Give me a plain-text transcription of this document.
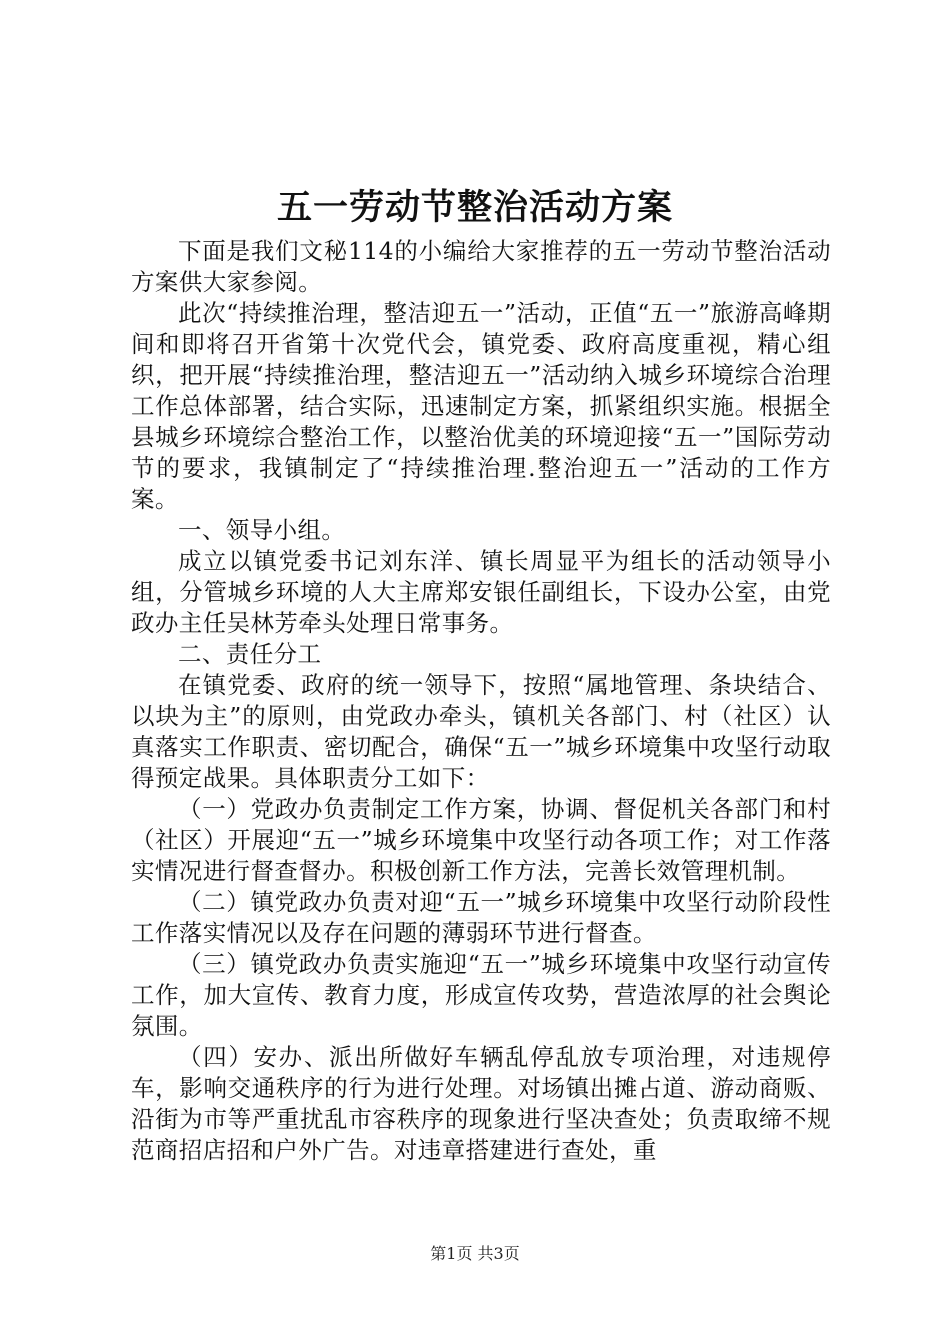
五一劳动节整治活动方案

下面是我们文秘114的小编给大家推荐的五一劳动节整治活动方案供大家参阅。

此次“持续推治理，整洁迎五一”活动，正值“五一”旅游高峰期间和即将召开省第十次党代会，镇党委、政府高度重视，精心组织，把开展“持续推治理，整洁迎五一”活动纳入城乡环境综合治理工作总体部署，结合实际，迅速制定方案，抓紧组织实施。根据全县城乡环境综合整治工作，以整治优美的环境迎接“五一”国际劳动节的要求，我镇制定了“持续推治理.整治迎五一”活动的工作方案。

一、领导小组。

成立以镇党委书记刘东洋、镇长周显平为组长的活动领导小组，分管城乡环境的人大主席郑安银任副组长，下设办公室，由党政办主任吴林芳牵头处理日常事务。

二、责任分工

在镇党委、政府的统一领导下，按照“属地管理、条块结合、以块为主”的原则，由党政办牵头，镇机关各部门、村（社区）认真落实工作职责、密切配合，确保“五一”城乡环境集中攻坚行动取得预定战果。具体职责分工如下：

（一）党政办负责制定工作方案，协调、督促机关各部门和村（社区）开展迎“五一”城乡环境集中攻坚行动各项工作；对工作落实情况进行督查督办。积极创新工作方法，完善长效管理机制。

（二）镇党政办负责对迎“五一”城乡环境集中攻坚行动阶段性工作落实情况以及存在问题的薄弱环节进行督查。

（三）镇党政办负责实施迎“五一”城乡环境集中攻坚行动宣传工作，加大宣传、教育力度，形成宣传攻势，营造浓厚的社会舆论氛围。

（四）安办、派出所做好车辆乱停乱放专项治理，对违规停车，影响交通秩序的行为进行处理。对场镇出摊占道、游动商贩、沿街为市等严重扰乱市容秩序的现象进行坚决查处；负责取缔不规范商招店招和户外广告。对违章搭建进行查处，重

第1页 共3页
